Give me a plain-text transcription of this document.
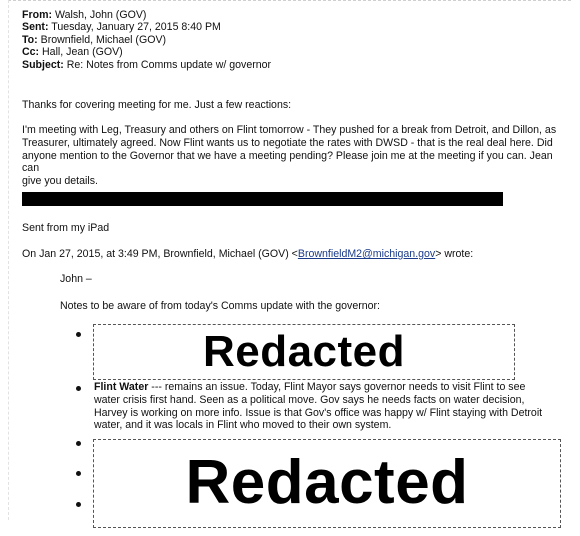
From: Walsh, John (GOV)
Sent: Tuesday, January 27, 2015 8:40 PM
To: Brownfield, Michael (GOV)
Cc: Hall, Jean (GOV)
Subject: Re: Notes from Comms update w/ governor

Thanks for covering meeting for me. Just a few reactions:

I'm meeting with Leg, Treasury and others on Flint tomorrow - They pushed for a break from Detroit, and Dillon, as

Treasurer, ultimately agreed. Now Flint wants us to negotiate the rates with DWSD - that is the real deal here. Did

anyone mention to the Governor that we have a meeting pending? Please join me at the meeting if you can. Jean can

give you details.

Sent from my iPad

On Jan 27, 2015, at 3:49 PM, Brownfield, Michael (GOV) <BrownfieldM2@michigan.gov> wrote:

John –

Notes to be aware of from today's Comms update with the governor:

Redacted
Flint Water --- remains an issue. Today, Flint Mayor says governor needs to visit Flint to see
water crisis first hand. Seen as a political move. Gov says he needs facts on water decision,
Harvey is working on more info. Issue is that Gov's office was happy w/ Flint staying with Detroit
water, and it was locals in Flint who moved to their own system.
Redacted
